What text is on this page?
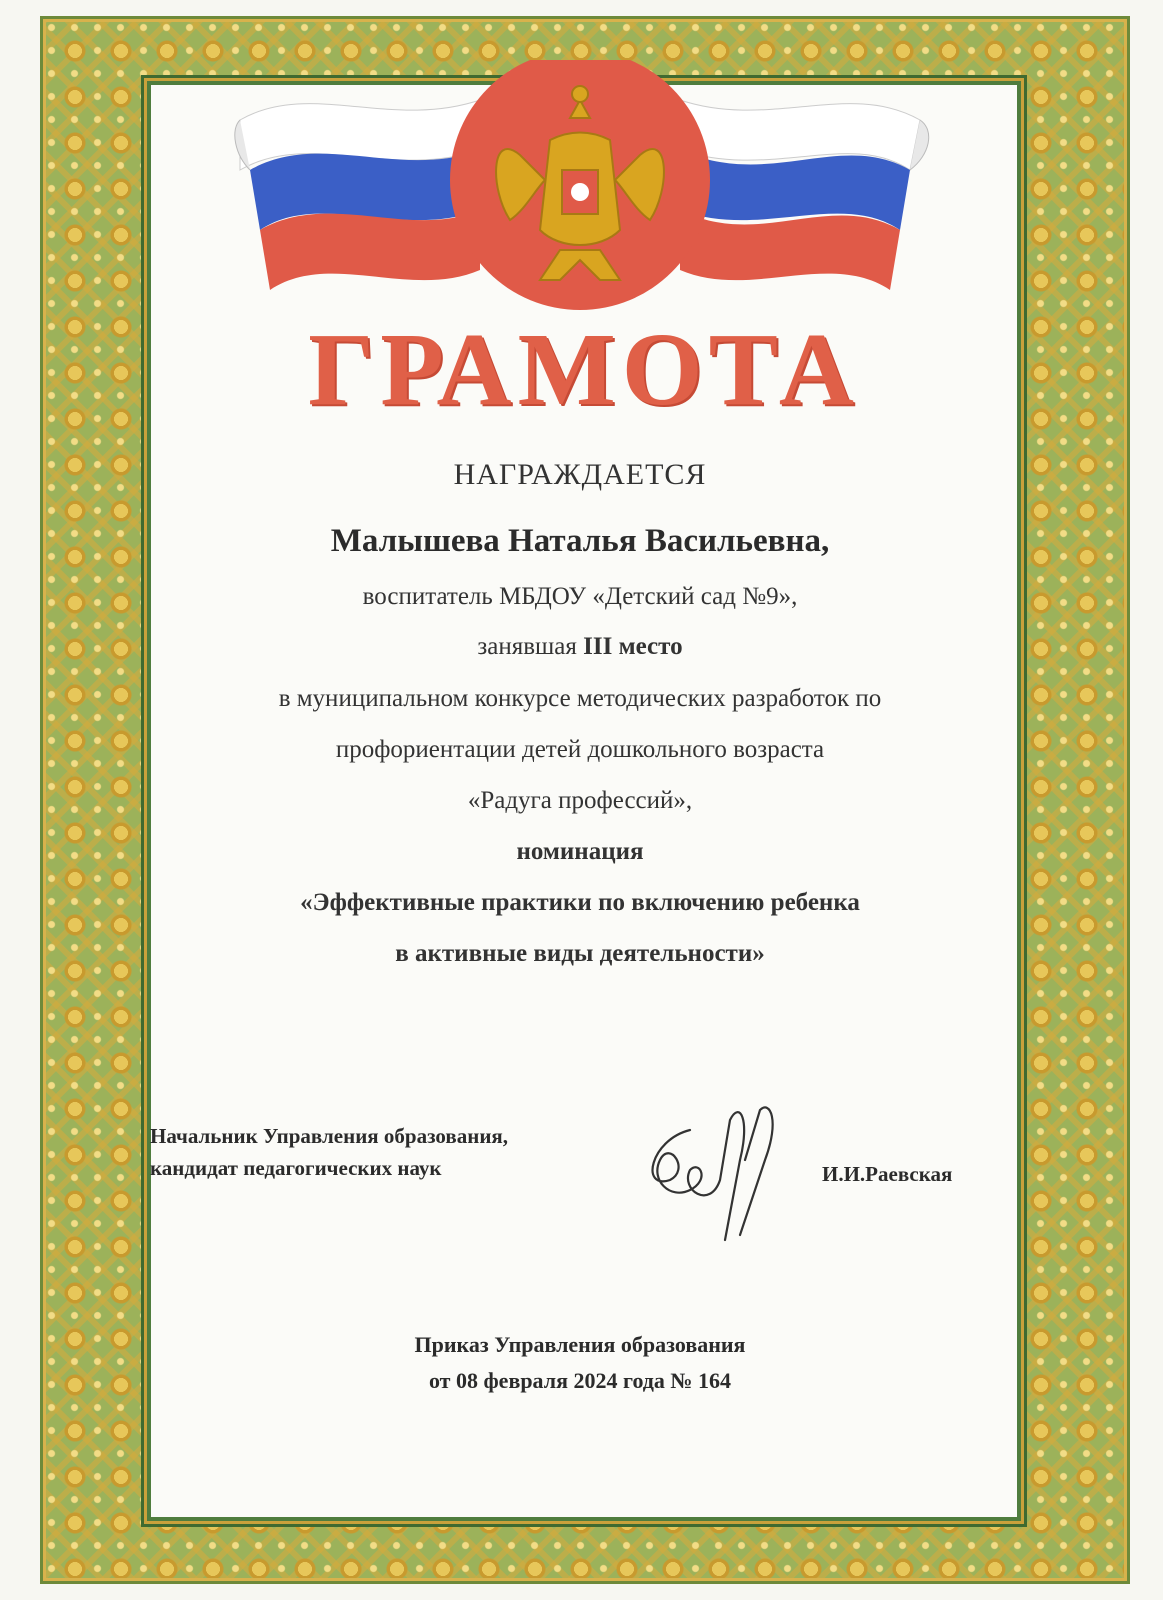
ГРАМОТА
НАГРАЖДАЕТСЯ
Малышева Наталья Васильевна,
воспитатель МБДОУ «Детский сад №9»,
занявшая III место
в муниципальном конкурсе методических разработок по
профориентации детей дошкольного возраста
«Радуга профессий»,
номинация
«Эффективные практики по включению ребенка
в активные виды деятельности»
Начальник Управления образования,
кандидат педагогических наук	И.И.Раевская
Приказ Управления образования
от 08 февраля 2024 года № 164
